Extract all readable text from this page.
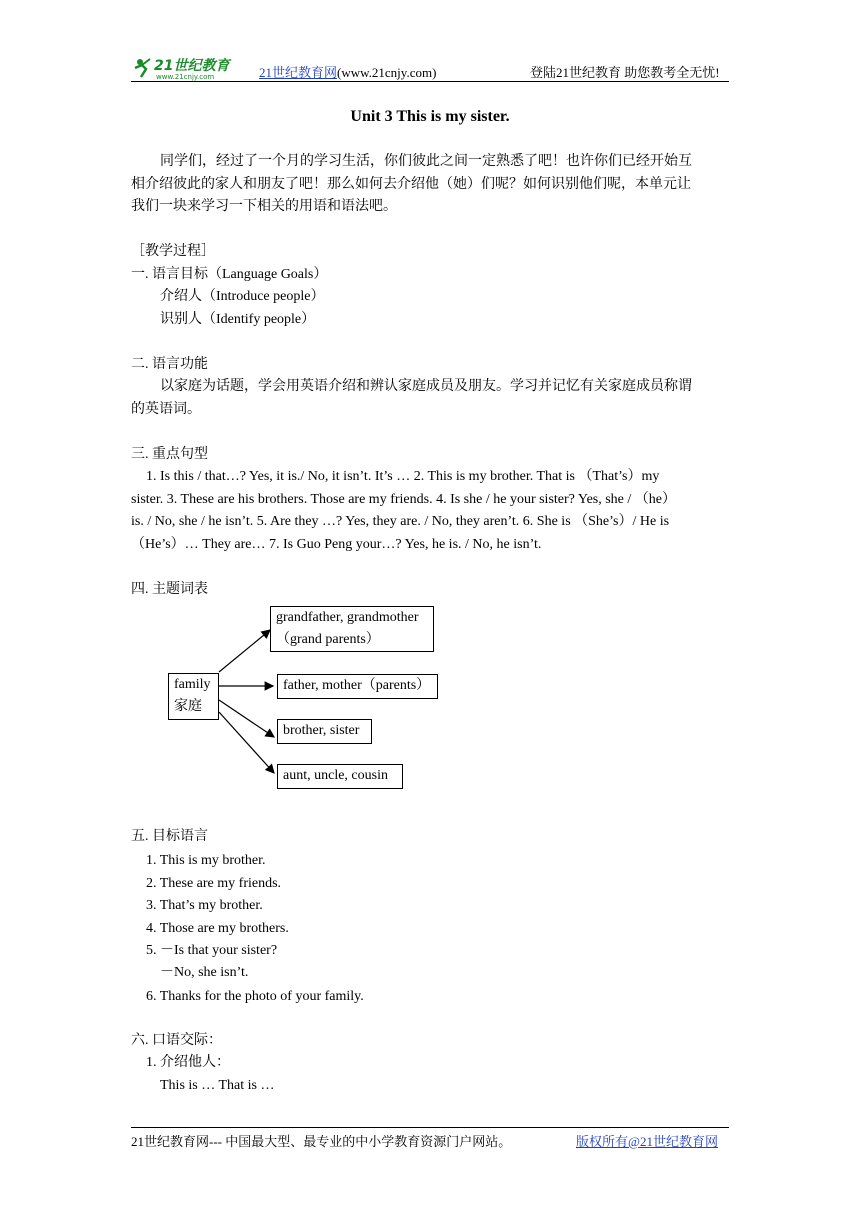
21世纪教育
www.21cnjy.com	21世纪教育网(www.21cnjy.com)	登陆21世纪教育 助您教考全无忧!
Unit 3 This is my sister.
同学们，经过了一个月的学习生活，你们彼此之间一定熟悉了吧！也许你们已经开始互
相介绍彼此的家人和朋友了吧！那么如何去介绍他（她）们呢？如何识别他们呢，本单元让
我们一块来学习一下相关的用语和语法吧。
［教学过程］
一. 语言目标（Language Goals）
介绍人（Introduce people）
识别人（Identify people）
二. 语言功能
以家庭为话题，学会用英语介绍和辨认家庭成员及朋友。学习并记忆有关家庭成员称谓
的英语词。
三. 重点句型
1. Is this / that…? Yes, it is./ No, it isn’t. It’s … 2. This is my brother. That is （That’s）my
sister. 3. These are his brothers. Those are my friends. 4. Is she / he your sister? Yes, she / （he）
is. / No, she / he isn’t. 5. Are they …? Yes, they are. / No, they aren’t. 6. She is （She’s）/ He is
（He’s）… They are… 7. Is Guo Peng your…? Yes, he is. / No, he isn’t.
四. 主题词表
family
家庭
grandfather, grandmother
（grand parents）
father, mother（parents）
brother, sister
aunt, uncle, cousin
五. 目标语言
1. This is my brother.
2. These are my friends.
3. That’s my brother.
4. Those are my brothers.
5. －Is that your sister?
－No, she isn’t.
6. Thanks for the photo of your family.
六. 口语交际：
1. 介绍他人：
This is … That is …
21世纪教育网--- 中国最大型、最专业的中小学教育资源门户网站。	版权所有@21世纪教育网
